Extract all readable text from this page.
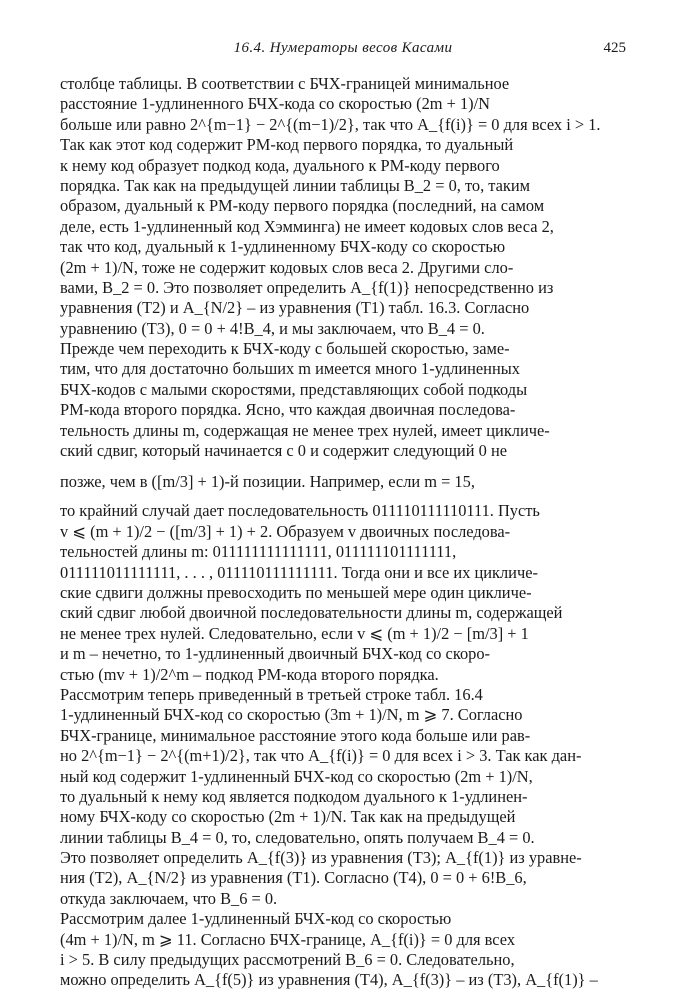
16.4. Нумераторы весов Касами	425
столбце таблицы. В соответствии с БЧХ-границей минимальное
расстояние 1-удлиненного БЧХ-кода со скоростью (2m + 1)/N
больше или равно 2^{m−1} − 2^{(m−1)/2}, так что A_{f(i)} = 0 для всех i > 1.
Так как этот код содержит РМ-код первого порядка, то дуальный
к нему код образует подкод кода, дуального к РМ-коду первого
порядка. Так как на предыдущей линии таблицы B_2 = 0, то, таким
образом, дуальный к РМ-коду первого порядка (последний, на самом
деле, есть 1-удлиненный код Хэмминга) не имеет кодовых слов веса 2,
так что код, дуальный к 1-удлиненному БЧХ-коду со скоростью
(2m + 1)/N, тоже не содержит кодовых слов веса 2. Другими сло-
вами, B_2 = 0. Это позволяет определить A_{f(1)} непосредственно из
уравнения (Т2) и A_{N/2} – из уравнения (Т1) табл. 16.3. Согласно
уравнению (Т3), 0 = 0 + 4!B_4, и мы заключаем, что B_4 = 0.
Прежде чем переходить к БЧХ-коду с большей скоростью, заме-
тим, что для достаточно больших m имеется много 1-удлиненных
БЧХ-кодов с малыми скоростями, представляющих собой подкоды
РМ-кода второго порядка. Ясно, что каждая двоичная последова-
тельность длины m, содержащая не менее трех нулей, имеет цикличе-
ский сдвиг, который начинается с 0 и содержит следующий 0 не
позже, чем в ([m/3] + 1)-й позиции. Например, если m = 15,
то крайний случай дает последовательность 011110111110111. Пусть
v ⩽ (m + 1)/2 − ([m/3] + 1) + 2. Образуем v двоичных последова-
тельностей длины m: 011111111111111, 011111101111111,
011111011111111, . . . , 011110111111111. Тогда они и все их цикличе-
ские сдвиги должны превосходить по меньшей мере один цикличе-
ский сдвиг любой двоичной последовательности длины m, содержащей
не менее трех нулей. Следовательно, если v ⩽ (m + 1)/2 − [m/3] + 1
и m – нечетно, то 1-удлиненный двоичный БЧХ-код со скоро-
стью (mv + 1)/2^m – подкод РМ-кода второго порядка.
Рассмотрим теперь приведенный в третьей строке табл. 16.4
1-удлиненный БЧХ-код со скоростью (3m + 1)/N, m ⩾ 7. Согласно
БЧХ-границе, минимальное расстояние этого кода больше или рав-
но 2^{m−1} − 2^{(m+1)/2}, так что A_{f(i)} = 0 для всех i > 3. Так как дан-
ный код содержит 1-удлиненный БЧХ-код со скоростью (2m + 1)/N,
то дуальный к нему код является подкодом дуального к 1-удлинен-
ному БЧХ-коду со скоростью (2m + 1)/N. Так как на предыдущей
линии таблицы B_4 = 0, то, следовательно, опять получаем B_4 = 0.
Это позволяет определить A_{f(3)} из уравнения (Т3); A_{f(1)} из уравне-
ния (Т2), A_{N/2} из уравнения (Т1). Согласно (Т4), 0 = 0 + 6!B_6,
откуда заключаем, что B_6 = 0.
Рассмотрим далее 1-удлиненный БЧХ-код со скоростью
(4m + 1)/N, m ⩾ 11. Согласно БЧХ-границе, A_{f(i)} = 0 для всех
i > 5. В силу предыдущих рассмотрений B_6 = 0. Следовательно,
можно определить A_{f(5)} из уравнения (Т4), A_{f(3)} – из (Т3), A_{f(1)} –
